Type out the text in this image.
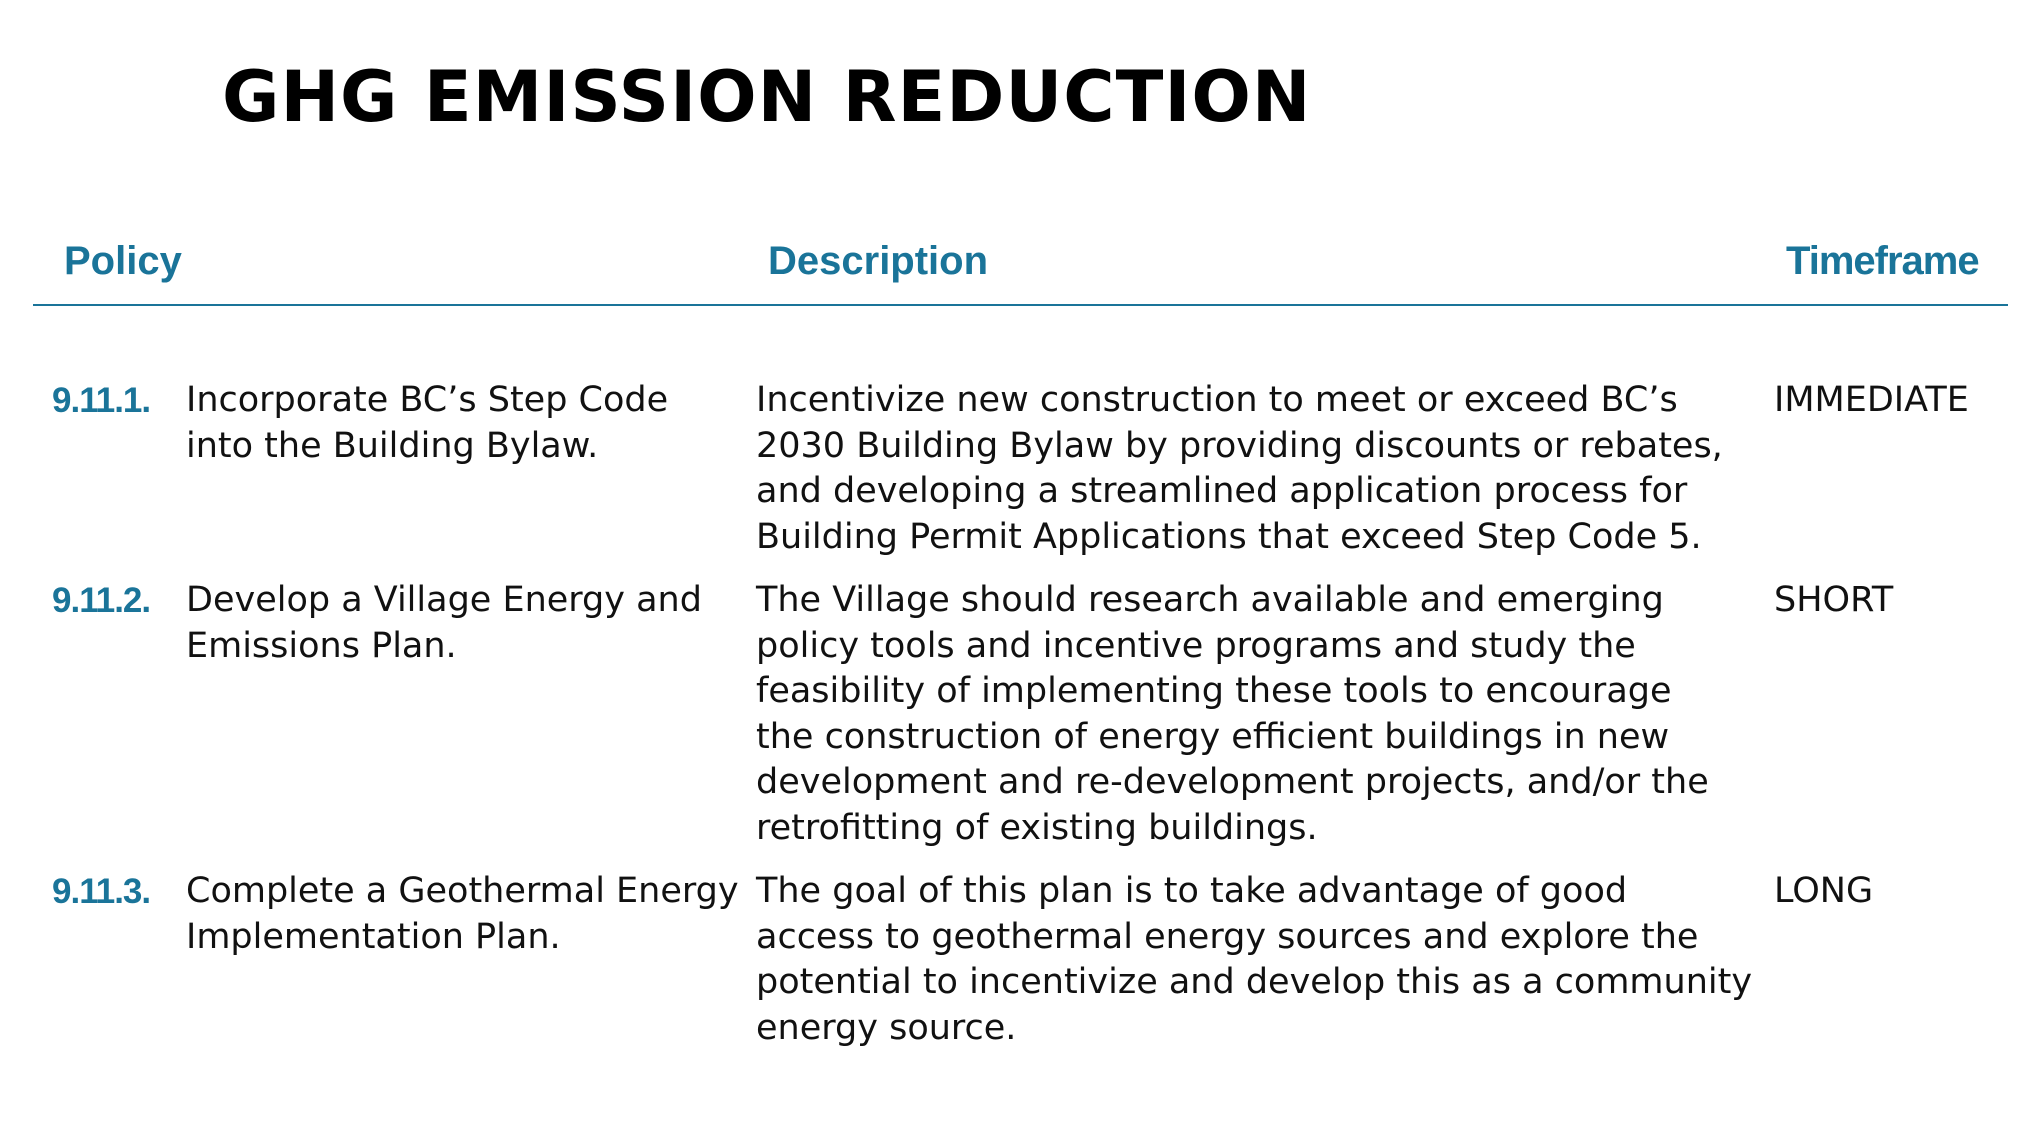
GHG EMISSION REDUCTION
Policy	Description	Timeframe
9.11.1. Incorporate BC’s Step Code
into the Building Bylaw.
Incentivize new construction to meet or exceed BC’s
2030 Building Bylaw by providing discounts or rebates,
and developing a streamlined application process for
Building Permit Applications that exceed Step Code 5.
IMMEDIATE
9.11.2. Develop a Village Energy and
Emissions Plan.
The Village should research available and emerging
policy tools and incentive programs and study the
feasibility of implementing these tools to encourage
the construction of energy efficient buildings in new
development and re-development projects, and/or the
retrofitting of existing buildings.
SHORT
9.11.3. Complete a Geothermal Energy
Implementation Plan.
The goal of this plan is to take advantage of good
access to geothermal energy sources and explore the
potential to incentivize and develop this as a community
energy source.
LONG
